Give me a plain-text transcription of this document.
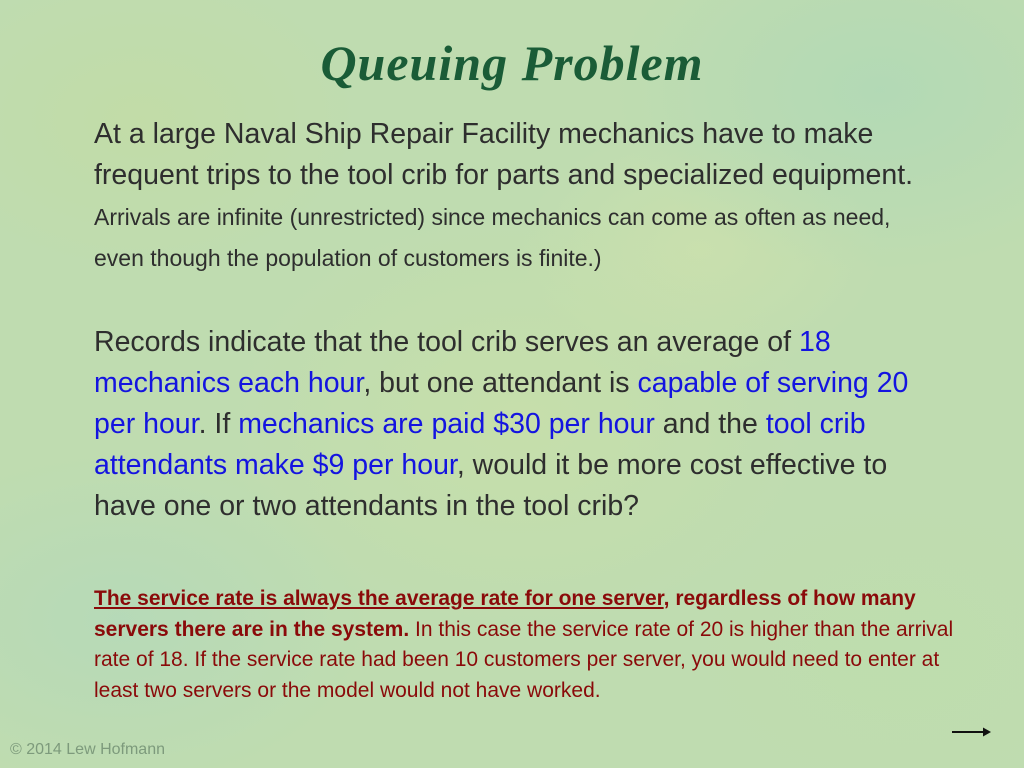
Queuing Problem

At a large Naval Ship Repair Facility mechanics have to make frequent trips to the tool crib for parts and specialized equipment. Arrivals are infinite (unrestricted) since mechanics can come as often as need, even though the population of customers is finite.)

Records indicate that the tool crib serves an average of 18 mechanics each hour, but one attendant is capable of serving 20 per hour. If mechanics are paid $30 per hour and the tool crib attendants make $9 per hour, would it be more cost effective to have one or two attendants in the tool crib?

The service rate is always the average rate for one server, regardless of how many servers there are in the system. In this case the service rate of 20 is higher than the arrival rate of 18. If the service rate had been 10 customers per server, you would need to enter at least two servers or the model would not have worked.

© 2014 Lew Hofmann
